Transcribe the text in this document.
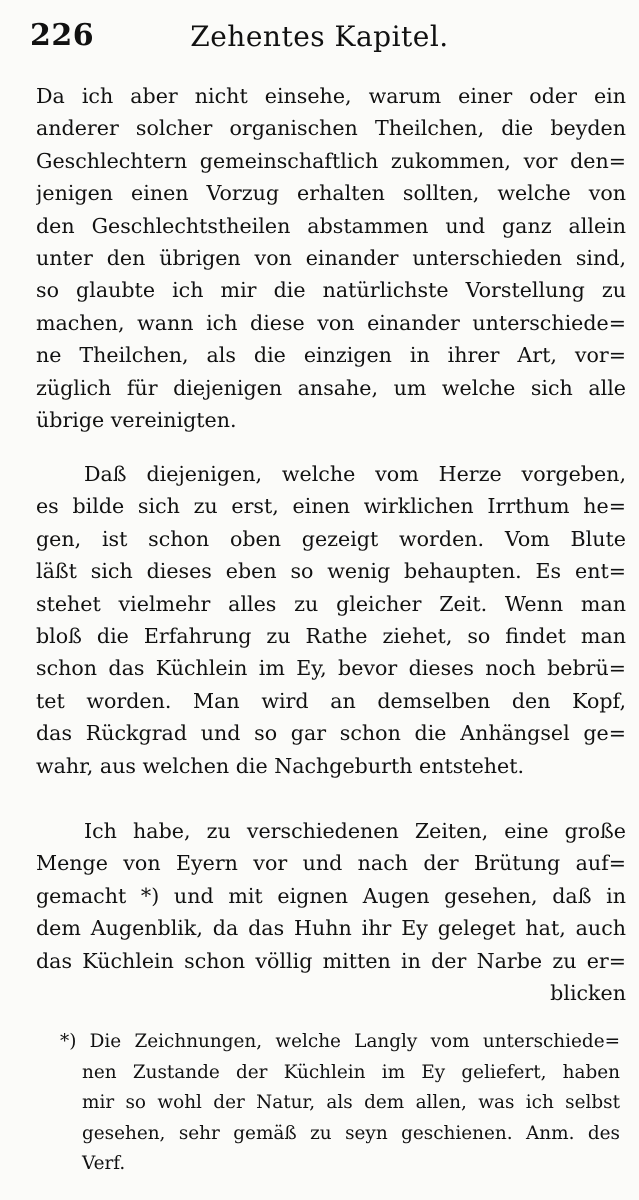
226	Zehentes Kapitel.
Da ich aber nicht einsehe, warum einer oder ein
anderer solcher organischen Theilchen, die beyden
Geschlechtern gemeinschaftlich zukommen, vor den=
jenigen einen Vorzug erhalten sollten, welche von
den Geschlechtstheilen abstammen und ganz allein
unter den übrigen von einander unterschieden sind,
so glaubte ich mir die natürlichste Vorstellung zu
machen, wann ich diese von einander unterschiede=
ne Theilchen, als die einzigen in ihrer Art, vor=
züglich für diejenigen ansahe, um welche sich alle
übrige vereinigten.
Daß diejenigen, welche vom Herze vorgeben,
es bilde sich zu erst, einen wirklichen Irrthum he=
gen, ist schon oben gezeigt worden. Vom Blute
läßt sich dieses eben so wenig behaupten. Es ent=
stehet vielmehr alles zu gleicher Zeit. Wenn man
bloß die Erfahrung zu Rathe ziehet, so findet man
schon das Küchlein im Ey, bevor dieses noch bebrü=
tet worden. Man wird an demselben den Kopf,
das Rückgrad und so gar schon die Anhängsel ge=
wahr, aus welchen die Nachgeburth entstehet.
Ich habe, zu verschiedenen Zeiten, eine große
Menge von Eyern vor und nach der Brütung auf=
gemacht *) und mit eignen Augen gesehen, daß in
dem Augenblik, da das Huhn ihr Ey geleget hat, auch
das Küchlein schon völlig mitten in der Narbe zu er=
blicken
*) Die Zeichnungen, welche Langly vom unterschiede=
nen Zustande der Küchlein im Ey geliefert, haben
mir so wohl der Natur, als dem allen, was ich selbst
gesehen, sehr gemäß zu seyn geschienen. Anm. des
Verf.
